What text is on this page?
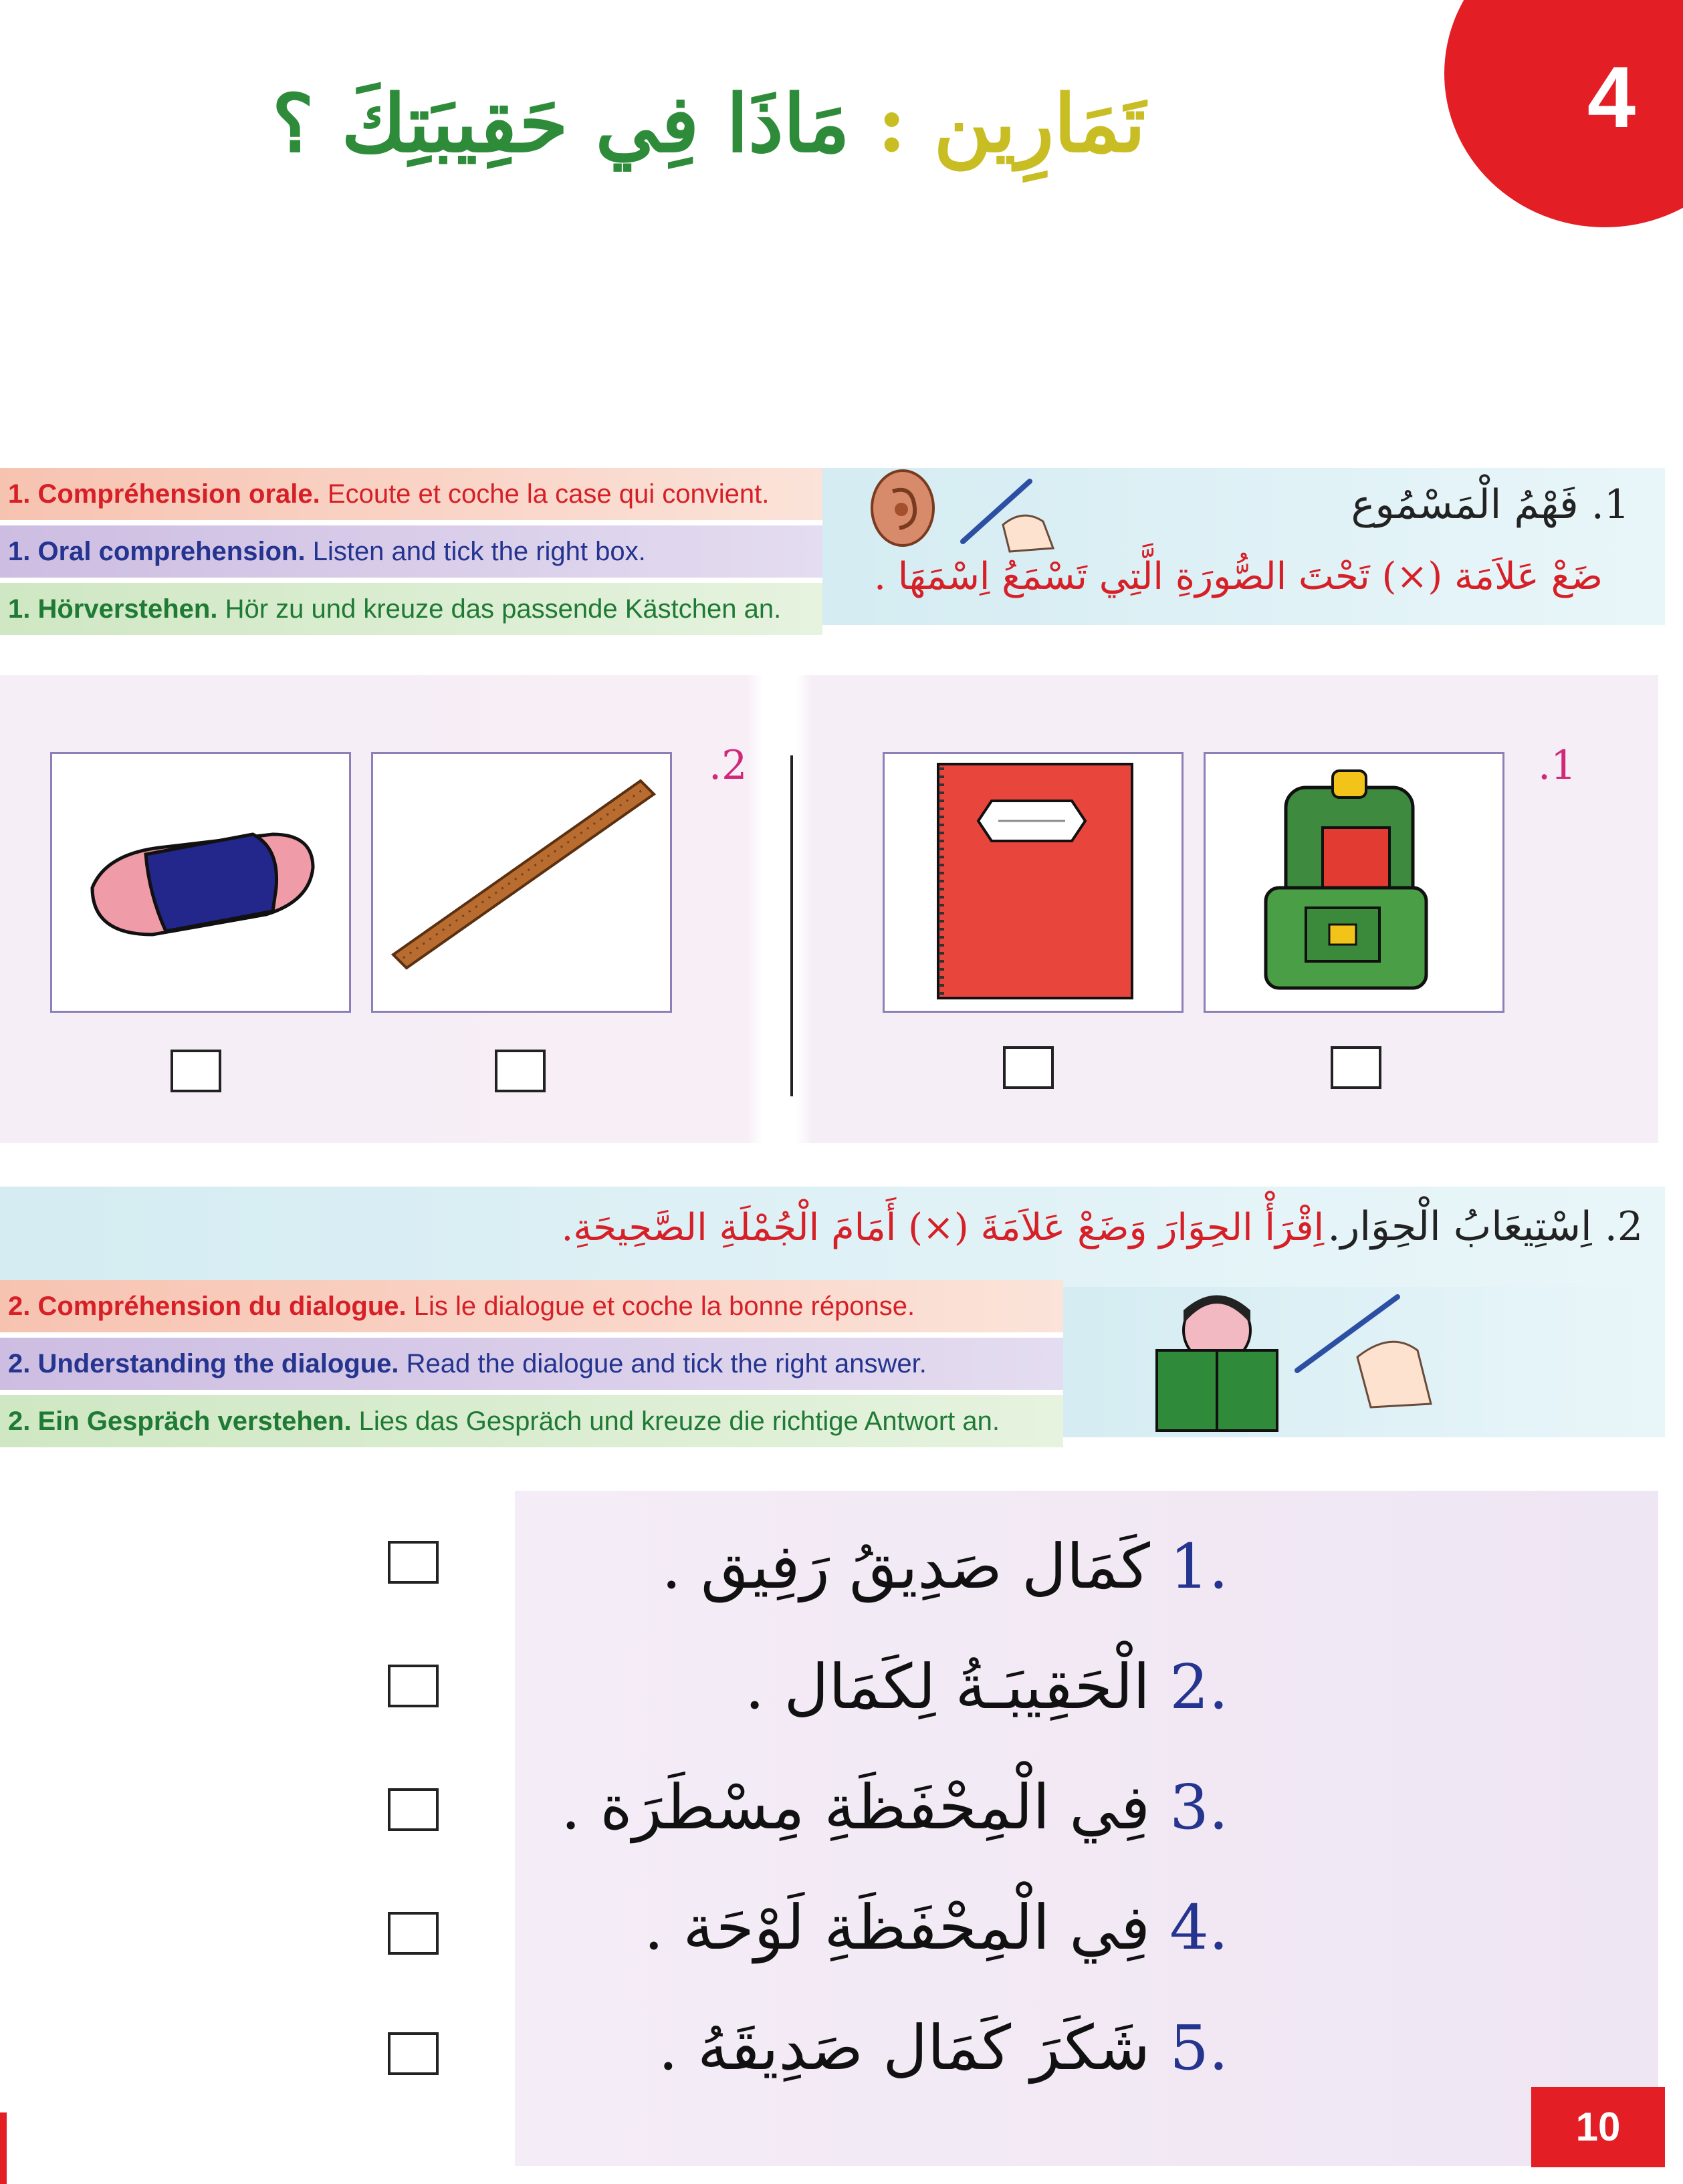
4
تَمَارِين : مَاذَا فِي حَقِيبَتِكَ ؟
1. Compréhension orale. Ecoute et coche la case qui convient.
1. Oral comprehension. Listen and tick the right box.
1. Hörverstehen. Hör zu und kreuze das passende Kästchen an.
1. فَهْمُ الْمَسْمُوع
ضَعْ عَلاَمَة (×) تَحْتَ الصُّورَةِ الَّتِي تَسْمَعُ اِسْمَهَا .
.1
.2
2. اِسْتِيعَابُ الْحِوَار. اِقْرَأْ الحِوَارَ وَضَعْ عَلاَمَةَ (×) أَمَامَ الْجُمْلَةِ الصَّحِيحَةِ.
2. Compréhension du dialogue. Lis le dialogue et coche la bonne réponse.
2. Understanding the dialogue. Read the dialogue and tick the right answer.
2. Ein Gespräch verstehen. Lies das Gespräch und kreuze die richtige Antwort an.
.1 كَمَال صَدِيقُ رَفِيق .
.2 الْحَقِيبَـةُ لِكَمَال .
.3 فِي الْمِحْفَظَةِ مِسْطَرَة .
.4 فِي الْمِحْفَظَةِ لَوْحَة .
.5 شَكَرَ كَمَال صَدِيقَهُ .
10
